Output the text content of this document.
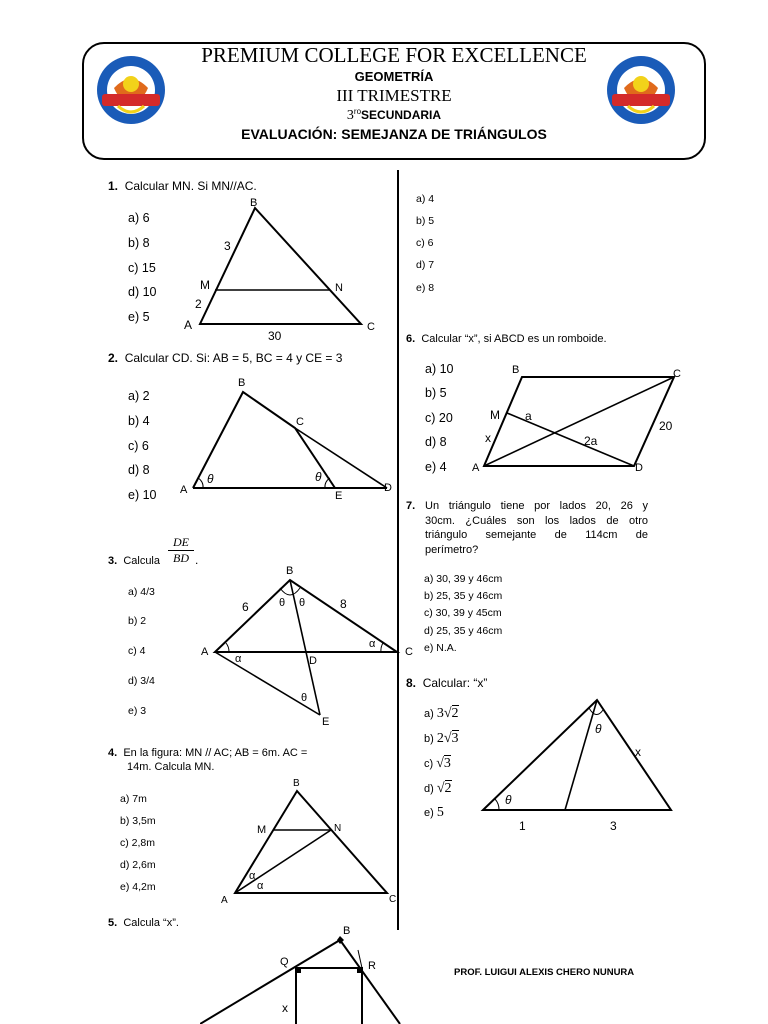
PREMIUM COLLEGE FOR EXCELLENCE
GEOMETRÍA
III TRIMESTRE
$3^{ro}SECUNDARIA$
EVALUACIÓN: SEMEJANZA DE TRIÁNGULOS
1. Calcular MN. Si MN//AC.
a) 6
b) 8
c) 15
d) 10
e) 5
B
M	N
A	C
3
2
30
2. Calcular CD. Si: AB = 5, BC = 4 y CE = 3
a) 2
b) 4
c) 6
d) 8
e) 10
B
C
A	E
D
θ	θ
3. Calcula
DE
BD .
a) 4/3
b) 2
c) 4
d) 3/4
e) 3
B
A	C
D
E
6	8
θ θ
θ
α
α
4. En la figura: MN // AC; AB = 6m. AC =
14m. Calcula MN.
a) 7m
b) 3,5m
c) 2,8m
d) 2,6m
e) 4,2m
B
M	N
A	C
α
α
5. Calcula “x”.
B
Q	R
x
a) 4
b) 5
c) 6
d) 7
e) 8
6. Calcular “x”, si ABCD es un romboide.
a) 10
b) 5
c) 20
d) 8
e) 4
B	C
M a
x	2a
20
A	D
7. Un triángulo tiene por lados 20, 26 y
30cm. ¿Cuáles son los lados de otro
triángulo semejante de 114cm de
perímetro?
a) 30, 39 y 46cm
b) 25, 35 y 46cm
c) 30, 39 y 45cm
d) 25, 35 y 46cm
e) N.A.
8. Calcular: “x”
a) 3√2
b) 2√3
c) √3
d) √2
e) 5
θ
θ
x
1	3
PROF. LUIGUI ALEXIS CHERO NUNURA
